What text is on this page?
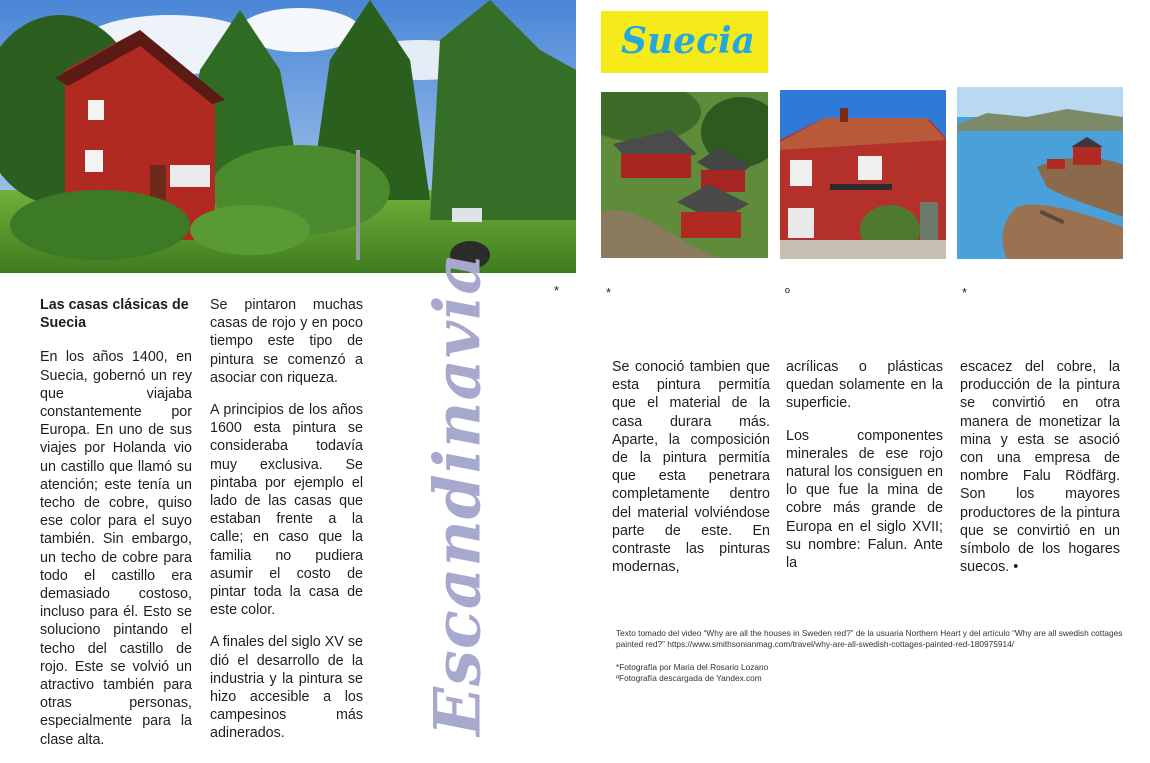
*	*	º	*
Suecia
Escandinavia

Las casas clásicas de Suecia

En los años 1400, en Suecia, gobernó un rey que viajaba constantemente por Europa. En uno de sus viajes por Holanda vio un castillo que llamó su atención; este tenía un techo de cobre, quiso ese color para el suyo también. Sin embargo, un techo de cobre para todo el castillo era demasiado costoso, incluso para él. Esto se soluciono pintando el techo del castillo de rojo. Este se volvió un atractivo también para otras personas, especialmente para la clase alta.

Se pintaron muchas casas de rojo y en poco tiempo este tipo de pintura se comenzó a asociar con riqueza.

A principios de los años 1600 esta pintura se consideraba todavía muy exclusiva. Se pintaba por ejemplo el lado de las casas que estaban frente a la calle; en caso que la familia no pudiera asumir el costo de pintar toda la casa de este color.

A finales del siglo XV se dió el desarrollo de la industria y la pintura se hizo accesible a los campesinos más adinerados.

Se conoció tambien que esta pintura permitía que el material de la casa durara más. Aparte, la composición de la pintura permitía que esta penetrara completamente dentro del material volviéndose parte de este. En contraste las pinturas modernas,

acrílicas o plásticas quedan solamente en la superficie.

Los componentes minerales de ese rojo natural los consiguen en lo que fue la mina de cobre más grande de Europa en el siglo XVII; su nombre: Falun. Ante la

escacez del cobre, la producción de la pintura se convirtió en otra manera de monetizar la mina y esta se asoció con una empresa de nombre Falu Rödfärg. Son los mayores productores de la pintura que se convirtió en un símbolo de los hogares suecos. •

Texto tomado del video “Why are all the houses in Sweden red?” de la usuaria Northern Heart y del artículo “Why are all swedish cottages painted red?” https://www.smithsonianmag.com/travel/why-are-all-swedish-cottages-painted-red-180975914/

*Fotografía por Maria del Rosario Lozano
ºFotografía descargada de Yandex.com
